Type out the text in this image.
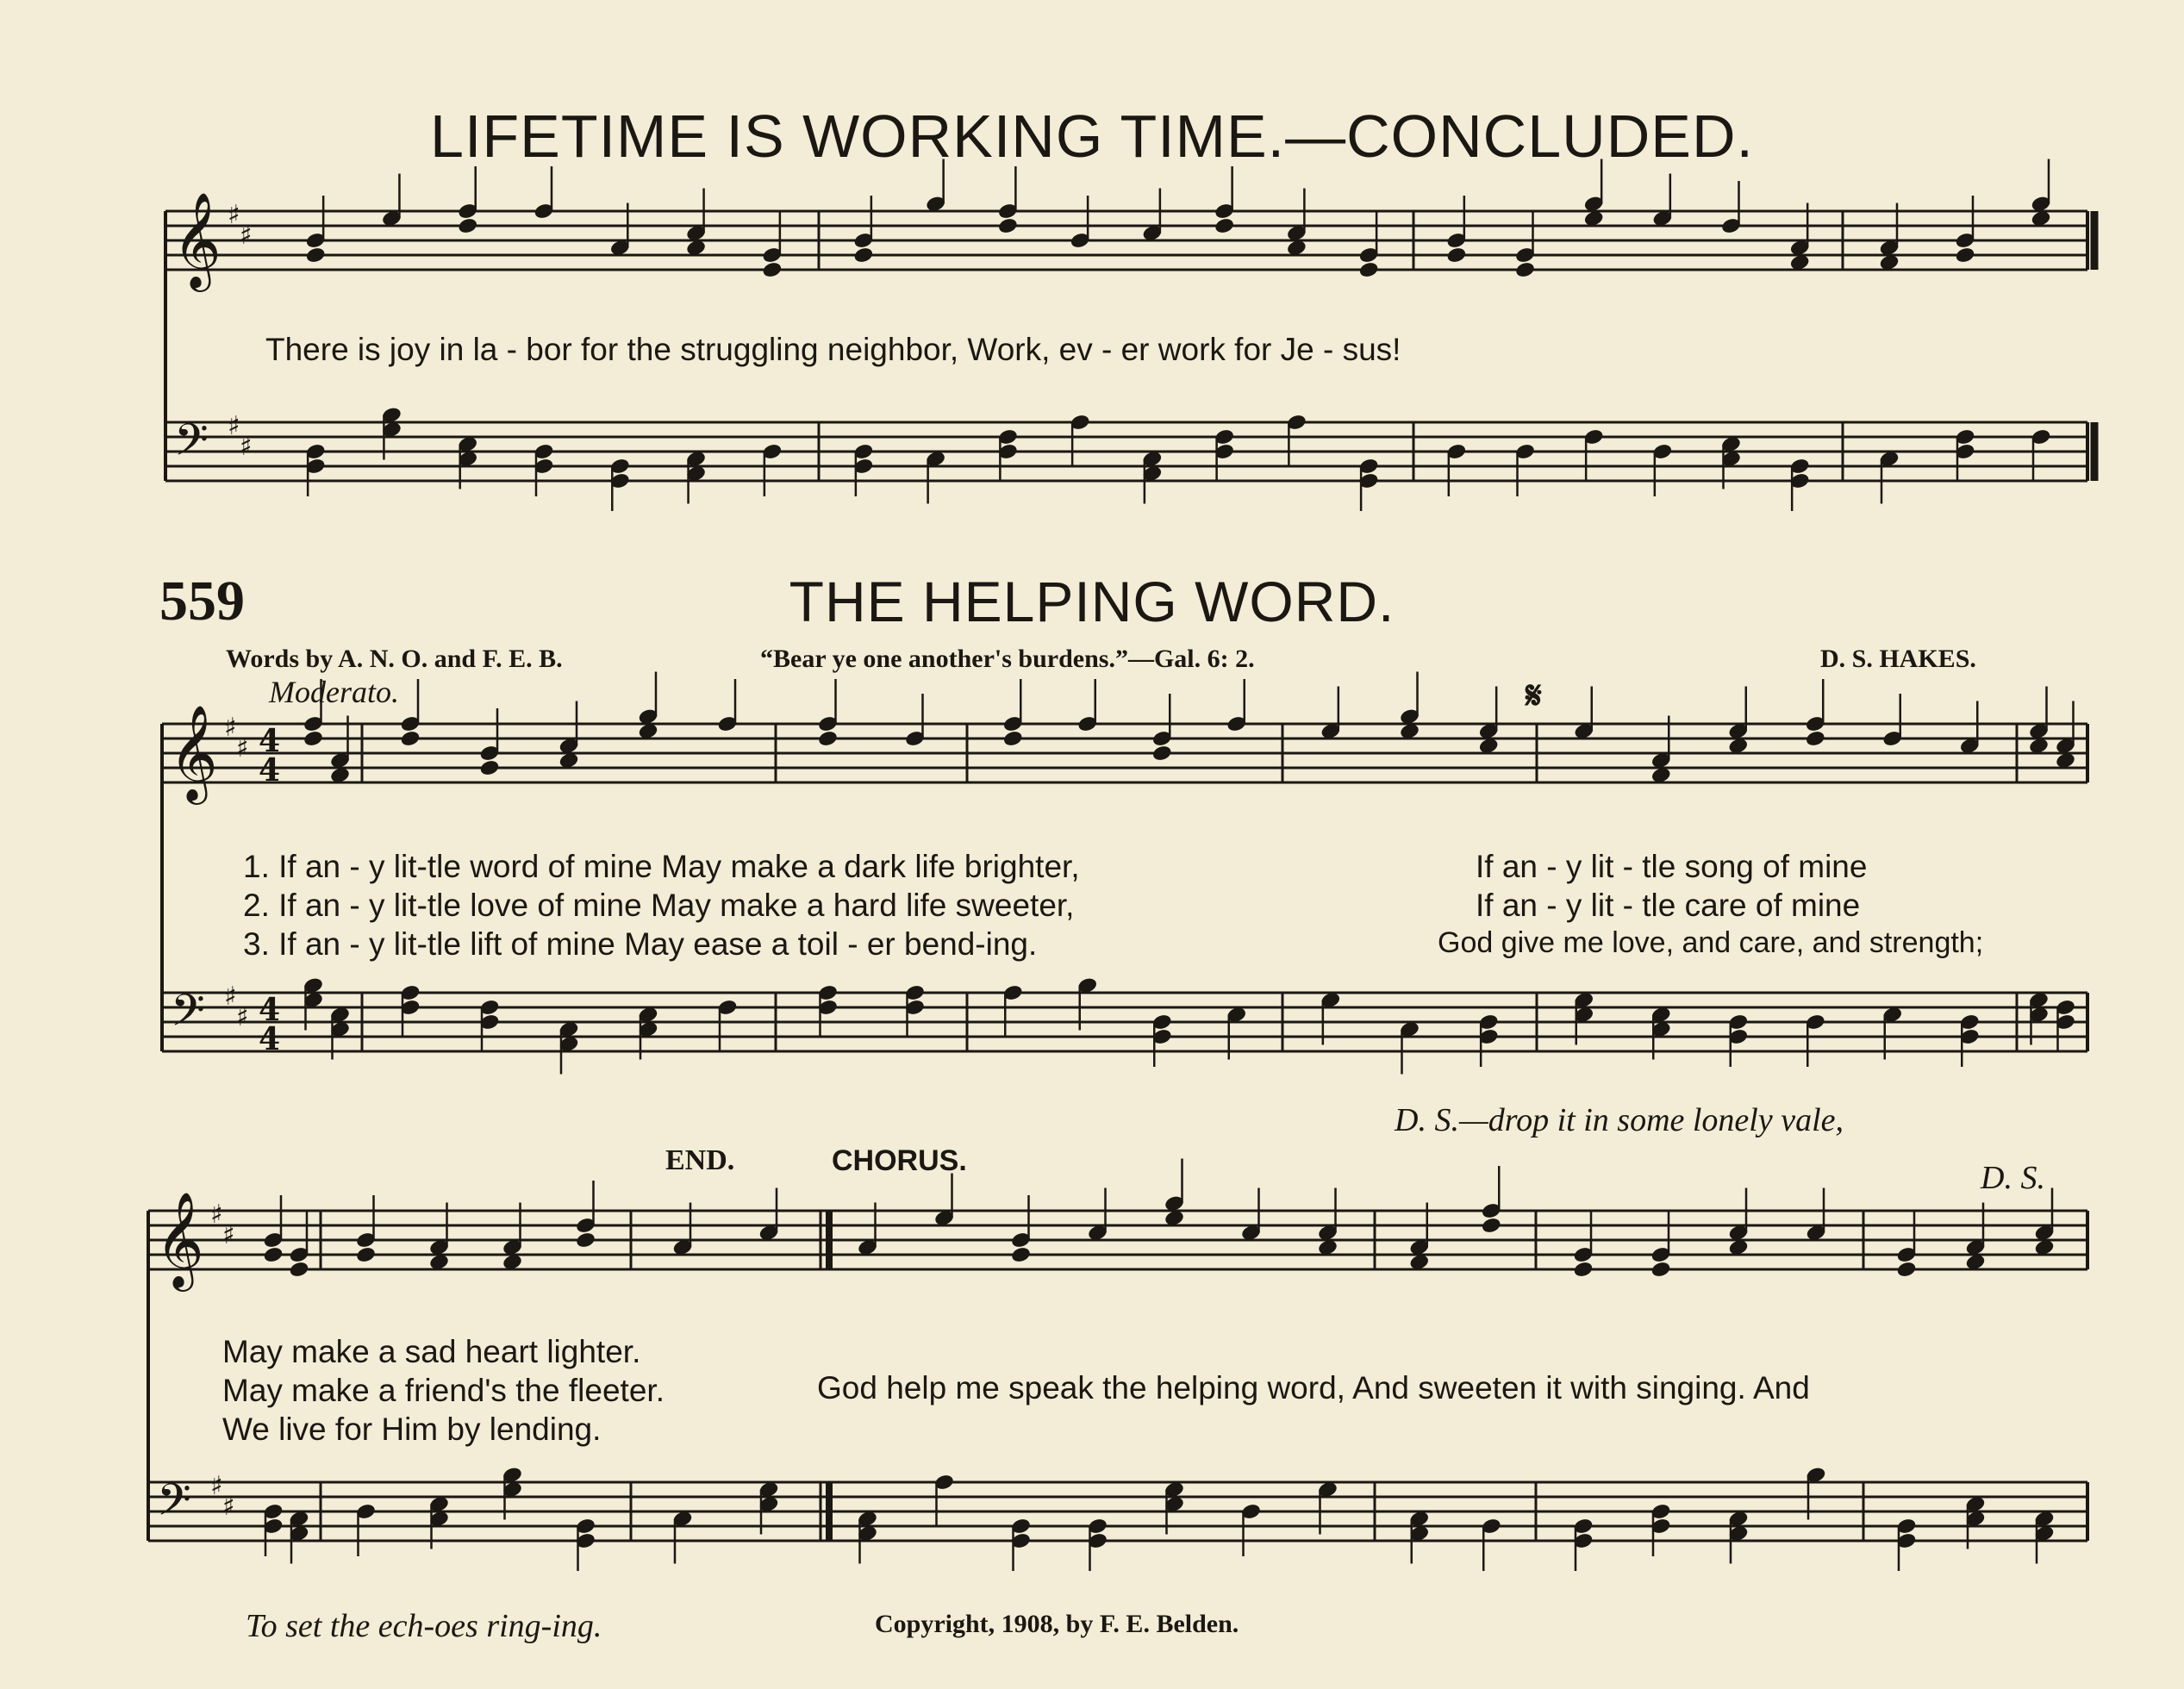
LIFETIME IS WORKING TIME.—CONCLUDED.
559	THE HELPING WORD.
Words by A. N. O. and F. E. B.	“Bear ye one another's burdens.”—Gal. 6: 2.	D. S. HAKES.
Moderato.
There is joy in la - bor for the struggling neighbor, Work, ev - er work for Je - sus!
1. If an - y lit-tle word of mine May make a dark life brighter,	If an - y lit - tle song of mine
2. If an - y lit-tle love of mine May make a hard life sweeter,	If an - y lit - tle care of mine
3. If an - y lit-tle lift of mine May ease a toil - er bend-ing.	God give me love, and care, and strength;
D. S.—drop it in some lonely vale,
END.	CHORUS.	D. S.
May make a sad heart lighter.
May make a friend's the fleeter.	God help me speak the helping word, And sweeten it with singing. And
We live for Him by lending.
To set the ech-oes ring-ing.	Copyright, 1908, by F. E. Belden.
𝄞
𝄢
♯
♯
♯
♯
𝄞
𝄢
♯
♯
♯
♯
4
4
4
4
𝄞
𝄢
♯
♯
♯
♯
𝄋
